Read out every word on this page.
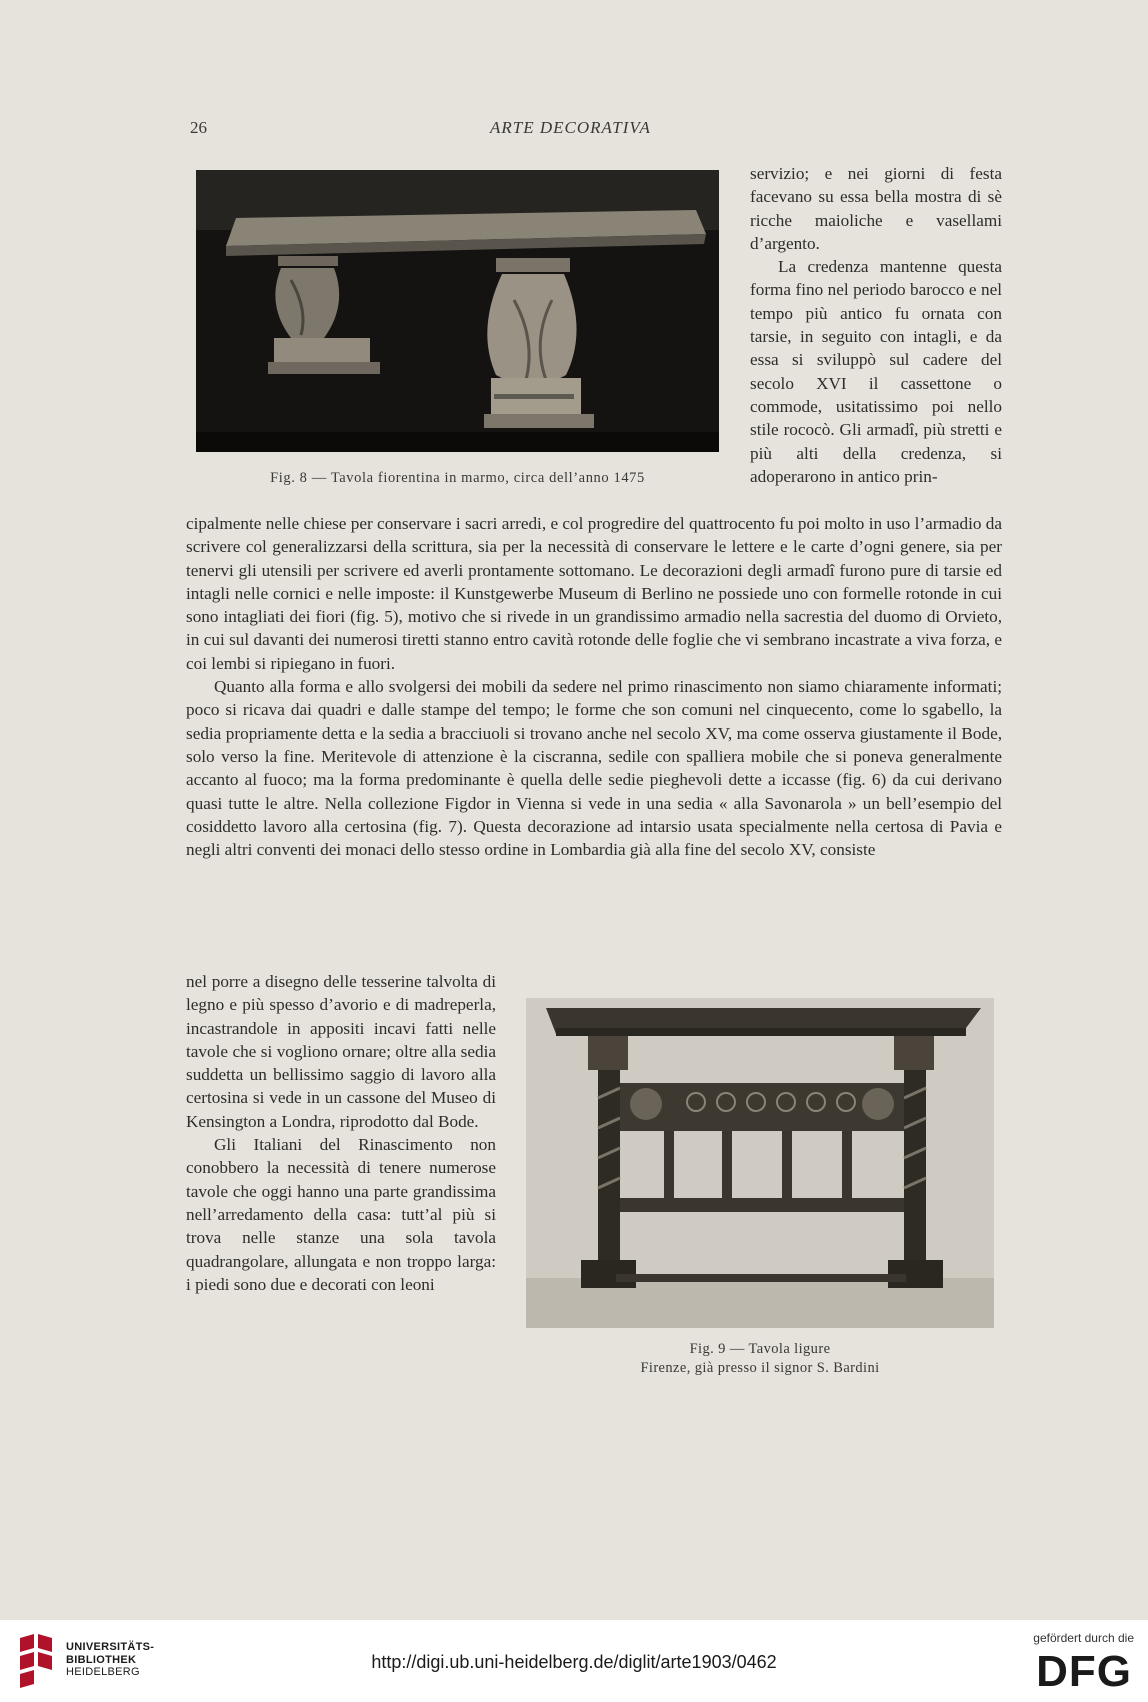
26	ARTE DECORATIVA
Fig. 8 — Tavola fiorentina in marmo, circa dell’anno 1475

servizio; e nei giorni di festa facevano su essa bella mostra di sè ricche maioliche e vasellami d’argento.

La credenza mantenne questa forma fino nel periodo barocco e nel tempo più antico fu ornata con tarsie, in seguito con intagli, e da essa si sviluppò sul cadere del secolo XVI il cassettone o commode, usitatissimo poi nello stile rococò. Gli armadî, più stretti e più alti della credenza, si adoperarono in antico prin-

cipalmente nelle chiese per conservare i sacri arredi, e col progredire del quattrocento fu poi molto in uso l’armadio da scrivere col generalizzarsi della scrittura, sia per la necessità di conservare le lettere e le carte d’ogni genere, sia per tenervi gli utensili per scrivere ed averli prontamente sottomano. Le decorazioni degli armadî furono pure di tarsie ed intagli nelle cornici e nelle imposte: il Kunstgewerbe Museum di Berlino ne possiede uno con formelle rotonde in cui sono intagliati dei fiori (fig. 5), motivo che si rivede in un grandissimo armadio nella sacrestia del duomo di Orvieto, in cui sul davanti dei numerosi tiretti stanno entro cavità rotonde delle foglie che vi sembrano incastrate a viva forza, e coi lembi si ripiegano in fuori.

Quanto alla forma e allo svolgersi dei mobili da sedere nel primo rinascimento non siamo chiaramente informati; poco si ricava dai quadri e dalle stampe del tempo; le forme che son comuni nel cinquecento, come lo sgabello, la sedia propriamente detta e la sedia a bracciuoli si trovano anche nel secolo XV, ma come osserva giustamente il Bode, solo verso la fine. Meritevole di attenzione è la ciscranna, sedile con spalliera mobile che si poneva generalmente accanto al fuoco; ma la forma predominante è quella delle sedie pieghevoli dette a iccasse (fig. 6) da cui derivano quasi tutte le altre. Nella collezione Figdor in Vienna si vede in una sedia « alla Savonarola » un bell’esempio del cosiddetto lavoro alla certosina (fig. 7). Questa decorazione ad intarsio usata specialmente nella certosa di Pavia e negli altri conventi dei monaci dello stesso ordine in Lombardia già alla fine del secolo XV, consiste

nel porre a disegno delle tesserine talvolta di legno e più spesso d’avorio e di madreperla, incastrandole in appositi incavi fatti nelle tavole che si vogliono ornare; oltre alla sedia suddetta un bellissimo saggio di lavoro alla certosina si vede in un cassone del Museo di Kensington a Londra, riprodotto dal Bode.

Gli Italiani del Rinascimento non conobbero la necessità di tenere numerose tavole che oggi hanno una parte grandissima nell’arredamento della casa: tutt’al più si trova nelle stanze una sola tavola quadrangolare, allungata e non troppo larga: i piedi sono due e decorati con leoni

Fig. 9 — Tavola ligure
Firenze, già presso il signor S. Bardini
UNIVERSITÄTS-
BIBLIOTHEK
HEIDELBERG	http://digi.ub.uni-heidelberg.de/diglit/arte1903/0462
gefördert durch die
DFG
